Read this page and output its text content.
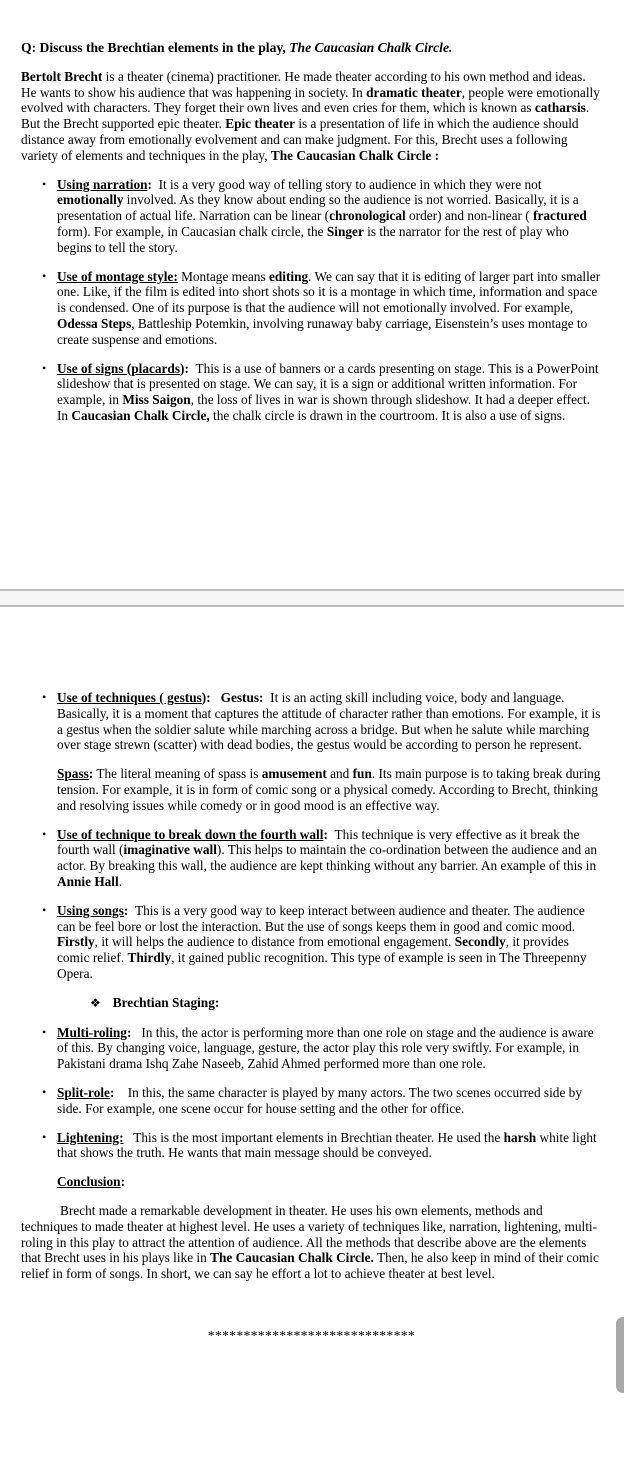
Q: Discuss the Brechtian elements in the play, The Caucasian Chalk Circle.
Bertolt Brecht is a theater (cinema) practitioner. He made theater according to his own method and ideas. He wants to show his audience that was happening in society. In dramatic theater, people were emotionally evolved with characters. They forget their own lives and even cries for them, which is known as catharsis. But the Brecht supported epic theater. Epic theater is a presentation of life in which the audience should distance away from emotionally evolvement and can make judgment. For this, Brecht uses a following variety of elements and techniques in the play, The Caucasian Chalk Circle :
• Using narration:  It is a very good way of telling story to audience in which they were not emotionally involved. As they know about ending so the audience is not worried. Basically, it is a presentation of actual life. Narration can be linear (chronological order) and non-linear ( fractured form). For example, in Caucasian chalk circle, the Singer is the narrator for the rest of play who begins to tell the story.
• Use of montage style: Montage means editing. We can say that it is editing of larger part into smaller one. Like, if the film is edited into short shots so it is a montage in which time, information and space is condensed. One of its purpose is that the audience will not emotionally involved. For example, Odessa Steps, Battleship Potemkin, involving runaway baby carriage, Eisenstein’s uses montage to create suspense and emotions.
• Use of signs (placards):  This is a use of banners or a cards presenting on stage. This is a PowerPoint slideshow that is presented on stage. We can say, it is a sign or additional written information. For example, in Miss Saigon, the loss of lives in war is shown through slideshow. It had a deeper effect. In Caucasian Chalk Circle, the chalk circle is drawn in the courtroom. It is also a use of signs.
• Use of techniques ( gestus):   Gestus:  It is an acting skill including voice, body and language. Basically, it is a moment that captures the attitude of character rather than emotions. For example, it is a gestus when the soldier salute while marching across a bridge. But when he salute while marching over stage strewn (scatter) with dead bodies, the gestus would be according to person he represent.
Spass: The literal meaning of spass is amusement and fun. Its main purpose is to taking break during tension. For example, it is in form of comic song or a physical comedy. According to Brecht, thinking and resolving issues while comedy or in good mood is an effective way.
• Use of technique to break down the fourth wall:  This technique is very effective as it break the fourth wall (imaginative wall). This helps to maintain the co-ordination between the audience and an actor. By breaking this wall, the audience are kept thinking without any barrier. An example of this in Annie Hall.
• Using songs:  This is a very good way to keep interact between audience and theater. The audience can be feel bore or lost the interaction. But the use of songs keeps them in good and comic mood. Firstly, it will helps the audience to distance from emotional engagement. Secondly, it provides comic relief. Thirdly, it gained public recognition. This type of example is seen in The Threepenny Opera.
❖ Brechtian Staging:
• Multi-roling:   In this, the actor is performing more than one role on stage and the audience is aware of this. By changing voice, language, gesture, the actor play this role very swiftly. For example, in Pakistani drama Ishq Zahe Naseeb, Zahid Ahmed performed more than one role.
• Split-role:    In this, the same character is played by many actors. The two scenes occurred side by side. For example, one scene occur for house setting and the other for office.
• Lightening:   This is the most important elements in Brechtian theater. He used the harsh white light that shows the truth. He wants that main message should be conveyed.
Conclusion:
Brecht made a remarkable development in theater. He uses his own elements, methods and techniques to made theater at highest level. He uses a variety of techniques like, narration, lightening, multi-roling in this play to attract the attention of audience. All the methods that describe above are the elements that Brecht uses in his plays like in The Caucasian Chalk Circle. Then, he also keep in mind of their comic relief in form of songs. In short, we can say he effort a lot to achieve theater at best level.
*****************************
